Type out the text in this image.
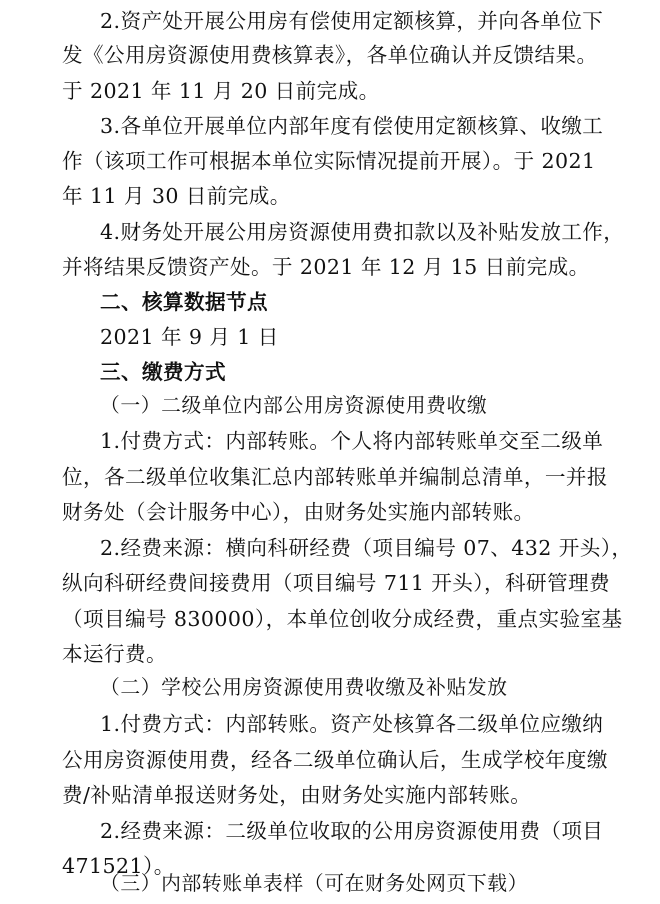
2.资产处开展公用房有偿使用定额核算，并向各单位下
发《公用房资源使用费核算表》，各单位确认并反馈结果。
于 2021 年 11 月 20 日前完成。
3.各单位开展单位内部年度有偿使用定额核算、收缴工
作（该项工作可根据本单位实际情况提前开展）。于 2021
年 11 月 30 日前完成。
4.财务处开展公用房资源使用费扣款以及补贴发放工作，
并将结果反馈资产处。于 2021 年 12 月 15 日前完成。
二、核算数据节点
2021 年 9 月 1 日
三、缴费方式
（一）二级单位内部公用房资源使用费收缴
1.付费方式：内部转账。个人将内部转账单交至二级单
位，各二级单位收集汇总内部转账单并编制总清单，一并报
财务处（会计服务中心），由财务处实施内部转账。
2.经费来源：横向科研经费（项目编号 07、432 开头），
纵向科研经费间接费用（项目编号 711 开头），科研管理费
（项目编号 830000），本单位创收分成经费，重点实验室基
本运行费。
（二）学校公用房资源使用费收缴及补贴发放
1.付费方式：内部转账。资产处核算各二级单位应缴纳
公用房资源使用费，经各二级单位确认后，生成学校年度缴
费/补贴清单报送财务处，由财务处实施内部转账。
2.经费来源：二级单位收取的公用房资源使用费（项目
471521）。
（三）内部转账单表样（可在财务处网页下载）
